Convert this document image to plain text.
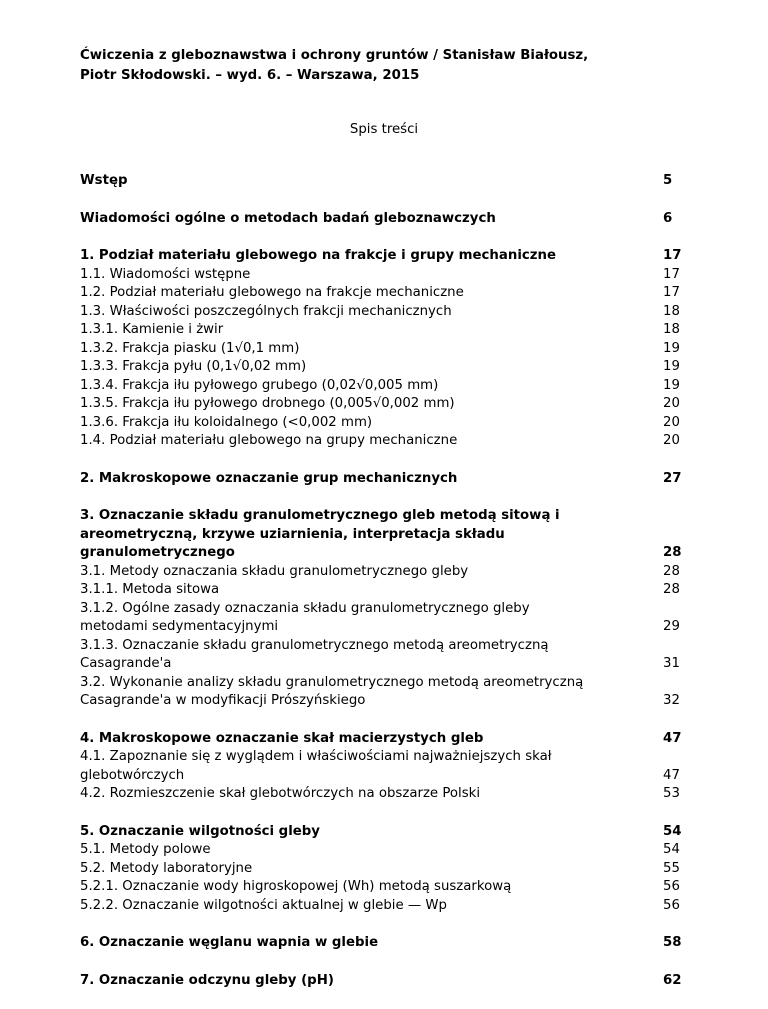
Ćwiczenia z gleboznawstwa i ochrony gruntów / Stanisław Białousz,
Piotr Skłodowski. – wyd. 6. – Warszawa, 2015
Spis treści
Wstęp	5
Wiadomości ogólne o metodach badań gleboznawczych	6
1. Podział materiału glebowego na frakcje i grupy mechaniczne	17
1.1. Wiadomości wstępne	17
1.2. Podział materiału glebowego na frakcje mechaniczne	17
1.3. Właściwości poszczególnych frakcji mechanicznych	18
1.3.1. Kamienie i żwir	18
1.3.2. Frakcja piasku (1√0,1 mm)	19
1.3.3. Frakcja pyłu (0,1√0,02 mm)	19
1.3.4. Frakcja iłu pyłowego grubego (0,02√0,005 mm)	19
1.3.5. Frakcja iłu pyłowego drobnego (0,005√0,002 mm)	20
1.3.6. Frakcja iłu koloidalnego (<0,002 mm)	20
1.4. Podział materiału glebowego na grupy mechaniczne	20
2. Makroskopowe oznaczanie grup mechanicznych	27
3. Oznaczanie składu granulometrycznego gleb metodą sitową i areometryczną, krzywe uziarnienia, interpretacja składu granulometrycznego	28
3.1. Metody oznaczania składu granulometrycznego gleby	28
3.1.1. Metoda sitowa	28
3.1.2. Ogólne zasady oznaczania składu granulometrycznego gleby metodami sedymentacyjnymi	29
3.1.3. Oznaczanie składu granulometrycznego metodą areometryczną Casagrande'a	31
3.2. Wykonanie analizy składu granulometrycznego metodą areometryczną Casagrande'a w modyfikacji Prószyńskiego	32
4. Makroskopowe oznaczanie skał macierzystych gleb	47
4.1. Zapoznanie się z wyglądem i właściwościami najważniejszych skał glebotwórczych	47
4.2. Rozmieszczenie skał glebotwórczych na obszarze Polski	53
5. Oznaczanie wilgotności gleby	54
5.1. Metody polowe	54
5.2. Metody laboratoryjne	55
5.2.1. Oznaczanie wody higroskopowej (Wh) metodą suszarkową	56
5.2.2. Oznaczanie wilgotności aktualnej w glebie — Wp	56
6. Oznaczanie węglanu wapnia w glebie	58
7. Oznaczanie odczynu gleby (pH)	62
